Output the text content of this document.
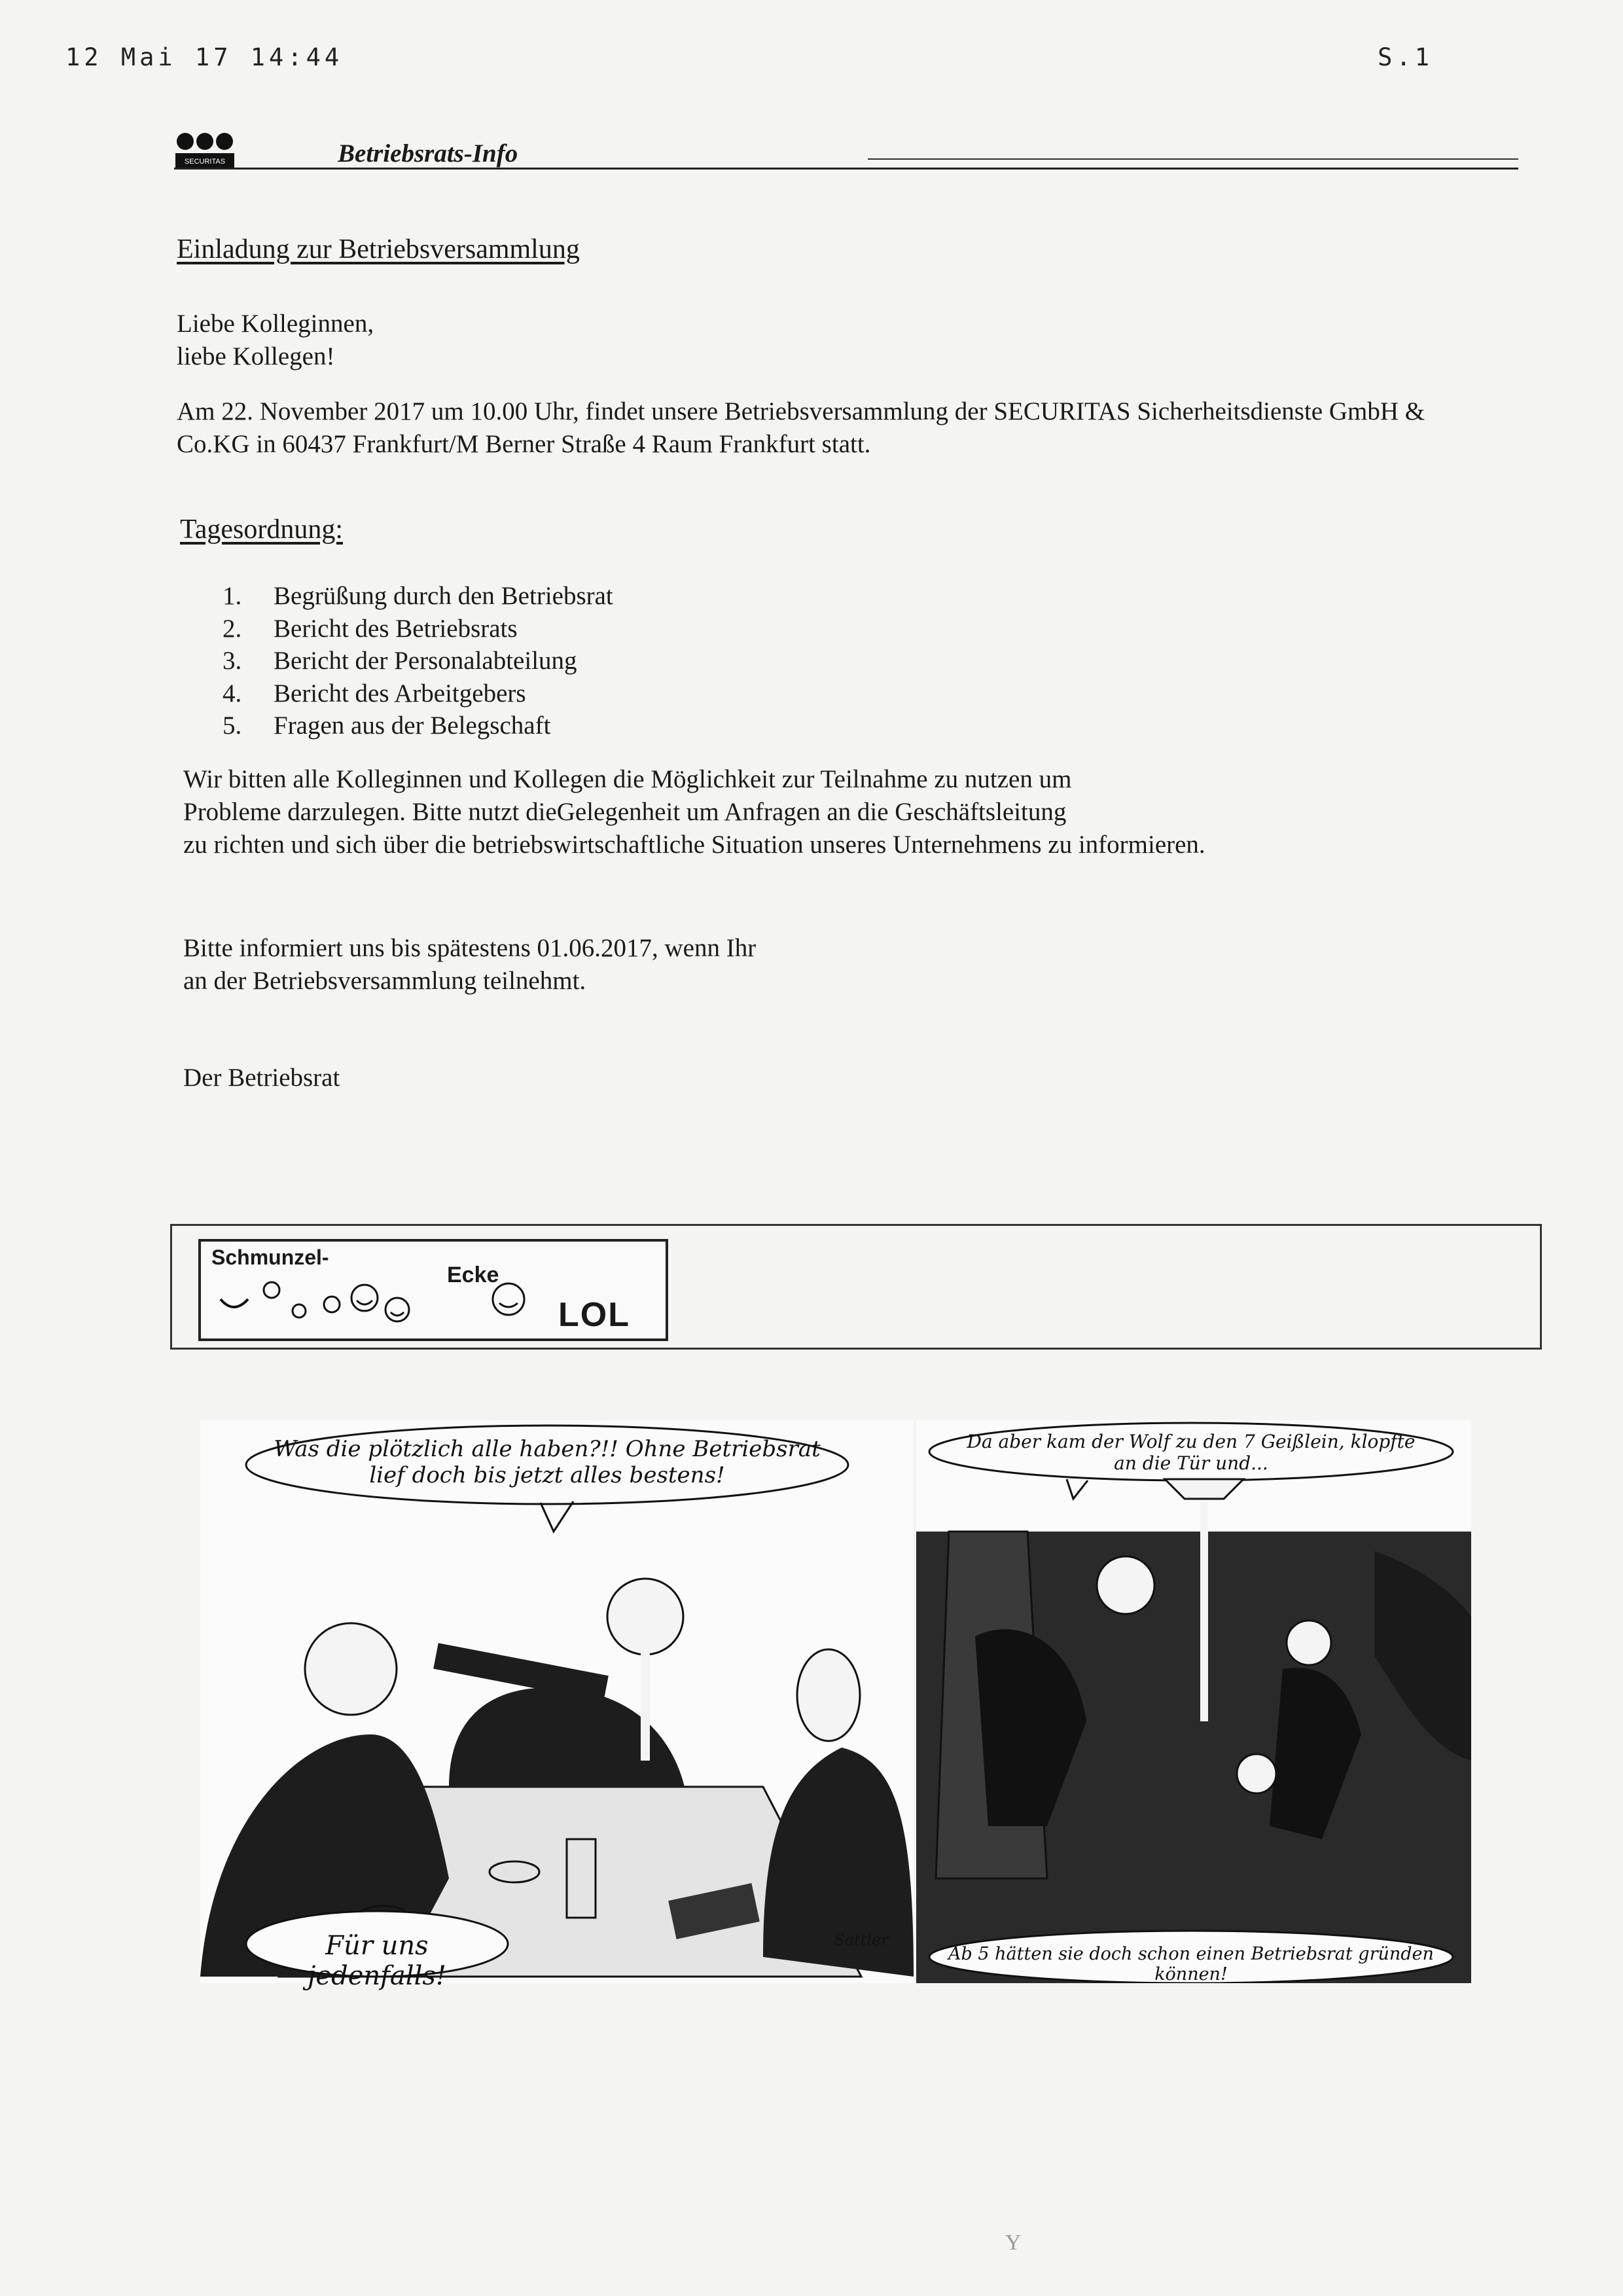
12 Mai 17 14:44	S.1
SECURITAS	Betriebsrats-Info
Einladung zur Betriebsversammlung
Liebe Kolleginnen,
liebe Kollegen!
Am 22. November 2017 um 10.00 Uhr, findet unsere Betriebsversammlung der SECURITAS Sicherheitsdienste GmbH & Co.KG in 60437 Frankfurt/M Berner Straße 4 Raum Frankfurt statt.
Tagesordnung:
1.	Begrüßung durch den Betriebsrat
2.	Bericht des Betriebsrats
3.	Bericht der Personalabteilung
4.	Bericht des Arbeitgebers
5.	Fragen aus der Belegschaft
Wir bitten alle Kolleginnen und Kollegen die Möglichkeit zur Teilnahme zu nutzen um
Probleme darzulegen. Bitte nutzt dieGelegenheit um Anfragen an die Geschäftsleitung
zu richten und sich über die betriebswirtschaftliche Situation unseres Unternehmens zu informieren.
Bitte informiert uns bis spätestens 01.06.2017, wenn Ihr
an der Betriebsversammlung teilnehmt.
Der Betriebsrat
Schmunzel-
Ecke
LOL
Was die plötzlich alle haben?!! Ohne Betriebsrat
lief doch bis jetzt alles bestens!
Für uns jedenfalls!
Sattler
Da aber kam der Wolf zu den 7 Geißlein, klopfte
an die Tür und...
Ab 5 hätten sie doch schon einen Betriebsrat gründen können!
Y
